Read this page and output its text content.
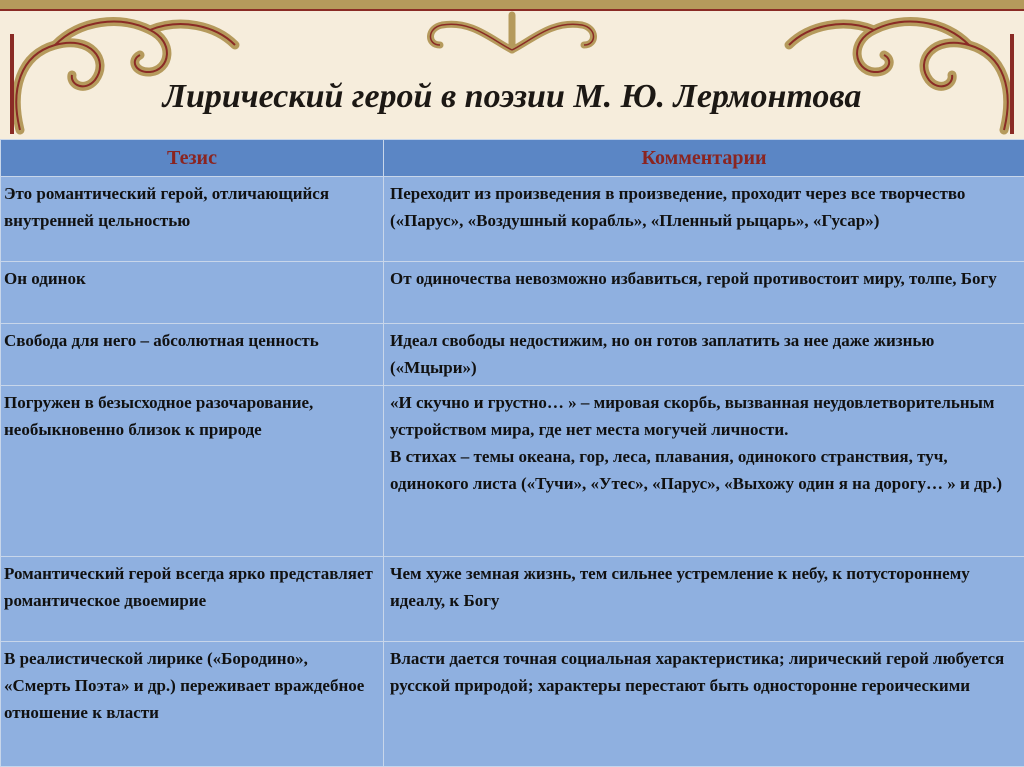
Лирический герой в поэзии М. Ю. Лермонтова
Тезис	Комментарии
Это романтический герой, отличающийся внутренней цельностью	Переходит из произведения в произведение, проходит через все творчество («Парус», «Воздушный корабль», «Пленный рыцарь», «Гусар»)
Он одинок	От одиночества невозможно избавиться, герой противостоит миру, толпе, Богу
Свобода для него – абсолютная ценность	Идеал свободы недостижим, но он готов заплатить за нее даже жизнью («Мцыри»)
Погружен в безысходное разочарование, необыкновенно близок к природе	«И скучно и грустно… » – мировая скорбь, вызванная неудовлетворительным устройством мира, где нет места могучей личности.
В стихах – темы океана, гор, леса, плавания, одинокого странствия, туч, одинокого листа («Тучи», «Утес», «Парус», «Выхожу один я на дорогу… » и др.)

Романтический герой всегда ярко представляет романтическое двоемирие	Чем хуже земная жизнь, тем сильнее устремление к небу, к потустороннему идеалу, к Богу
В реалистической лирике («Бородино», «Смерть Поэта» и др.) переживает враждебное отношение к власти	Власти дается точная социальная характеристика; лирический герой любуется русской природой; характеры перестают быть односторонне героическими
